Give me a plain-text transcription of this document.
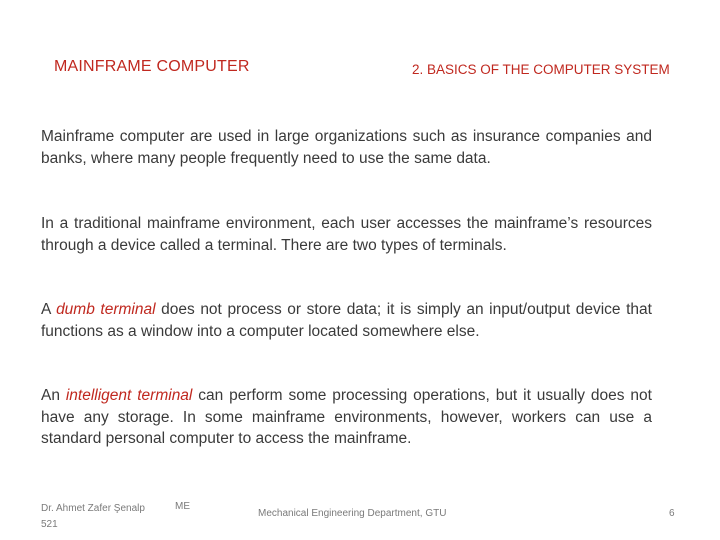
MAINFRAME COMPUTER	2. BASICS OF THE COMPUTER SYSTEM

Mainframe computer are used in large organizations such as insurance companies and banks, where many people frequently need to use the same data.

In a traditional mainframe environment, each user accesses the mainframe’s resources through a device called a terminal. There are two types of terminals.

A dumb terminal does not process or store data; it is simply an input/output device that functions as a window into a computer located somewhere else.

An intelligent terminal can perform some processing operations, but it usually does not have any storage. In some mainframe environments, however, workers can use a standard personal computer to access the mainframe.

Dr. Ahmet Zafer Şenalp
521
ME
Mechanical Engineering Department, GTU	6
